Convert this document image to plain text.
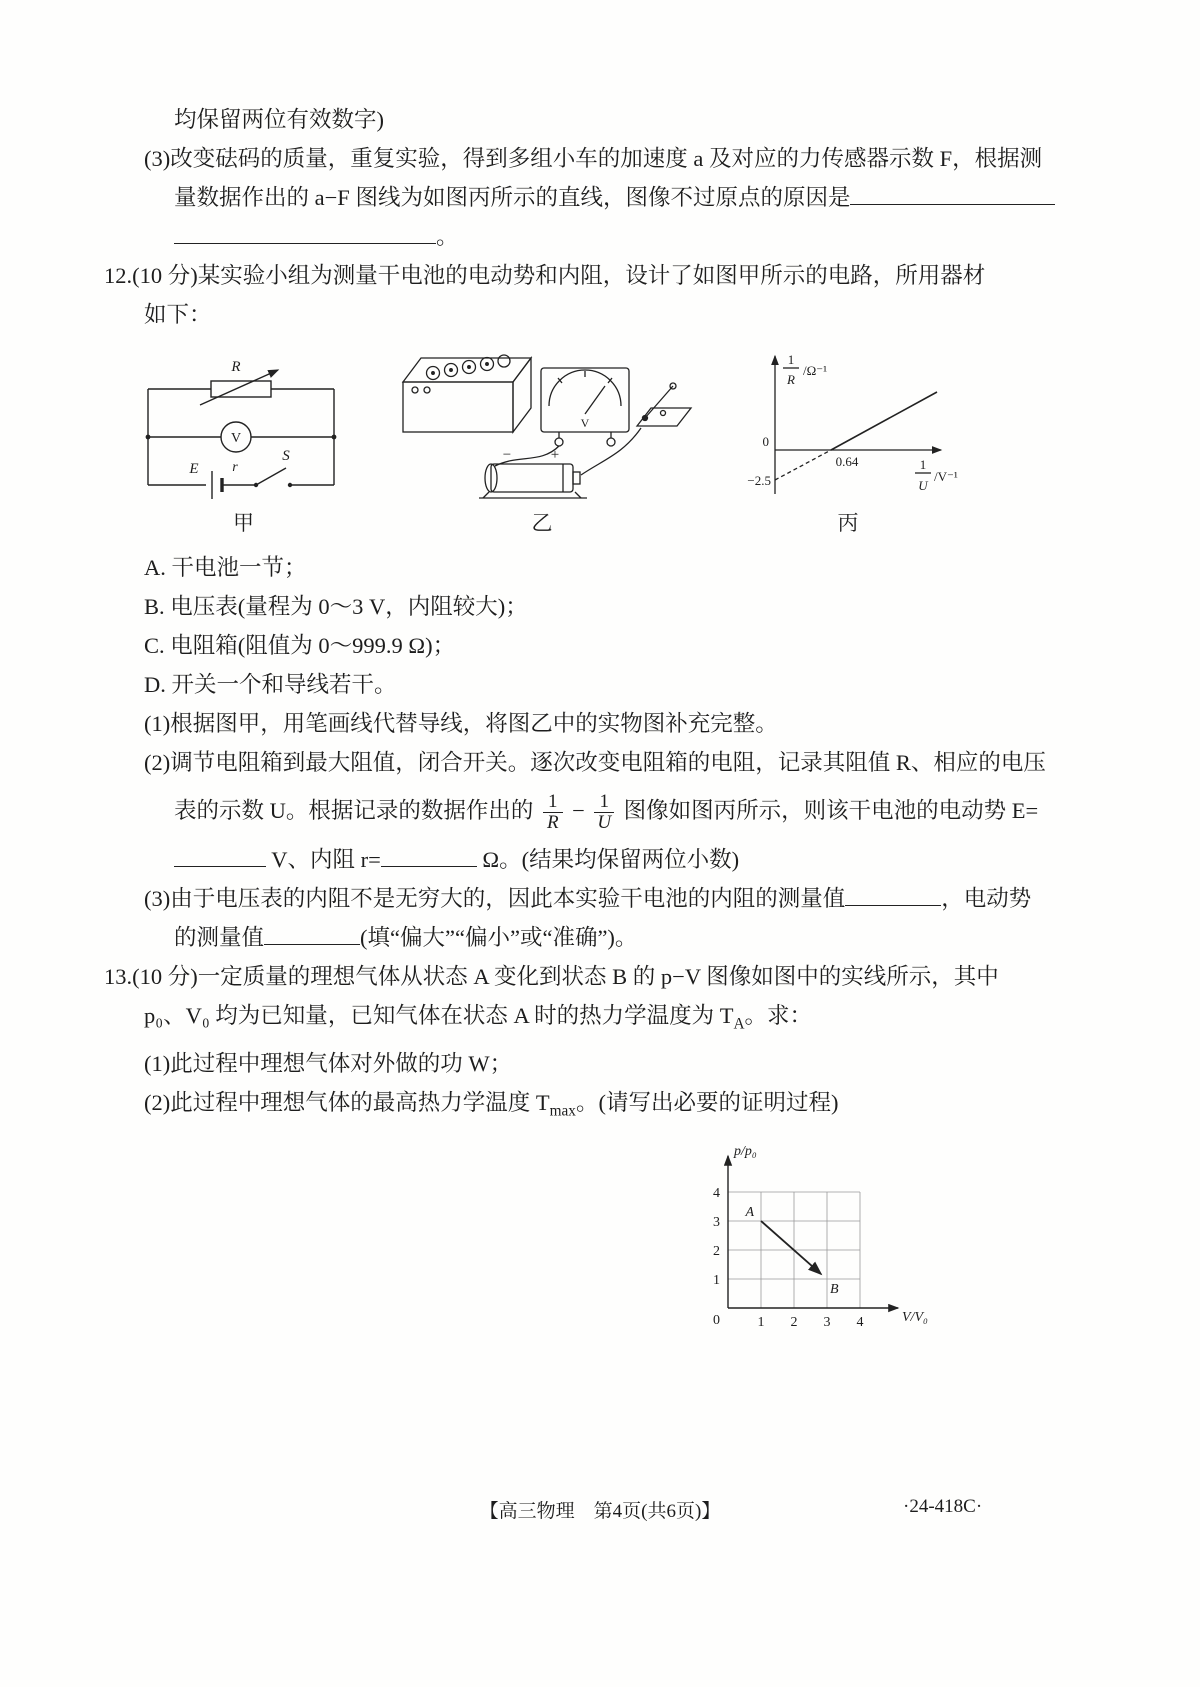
均保留两位有效数字)
(3)改变砝码的质量，重复实验，得到多组小车的加速度 a 及对应的力传感器示数 F，根据测
量数据作出的 a−F 图线为如图丙所示的直线，图像不过原点的原因是
。
12.(10 分)某实验小组为测量干电池的电动势和内阻，设计了如图甲所示的电路，所用器材
如下：
R
V
E r
S
甲
−	+
V
乙
1
R
/Ω⁻¹
1
U
/V⁻¹
0
0.64
−2.5
丙
A. 干电池一节；
B. 电压表(量程为 0～3 V，内阻较大)；
C. 电阻箱(阻值为 0～999.9 Ω)；
D. 开关一个和导线若干。
(1)根据图甲，用笔画线代替导线，将图乙中的实物图补充完整。
(2)调节电阻箱到最大阻值，闭合开关。逐次改变电阻箱的电阻，记录其阻值 R、相应的电压
表的示数 U。根据记录的数据作出的 $\frac{1}{R} - \frac{1}{U}$ 图像如图丙所示，则该干电池的电动势 E=
V、内阻 r=	Ω。(结果均保留两位小数)
(3)由于电压表的内阻不是无穷大的，因此本实验干电池的内阻的测量值	，电动势
的测量值	(填“偏大”“偏小”或“准确”)。
13.(10 分)一定质量的理想气体从状态 A 变化到状态 B 的 p−V 图像如图中的实线所示，其中
p₀、V₀ 均为已知量，已知气体在状态 A 时的热力学温度为 $T_A$。求：
(1)此过程中理想气体对外做的功 W；
(2)此过程中理想气体的最高热力学温度 $T_{max}$。(请写出必要的证明过程)
p/p₀
V/V₀
0
4
3
2
1
1 2 3 4
A
B
【高三物理　第4页(共6页)】	·24-418C·
